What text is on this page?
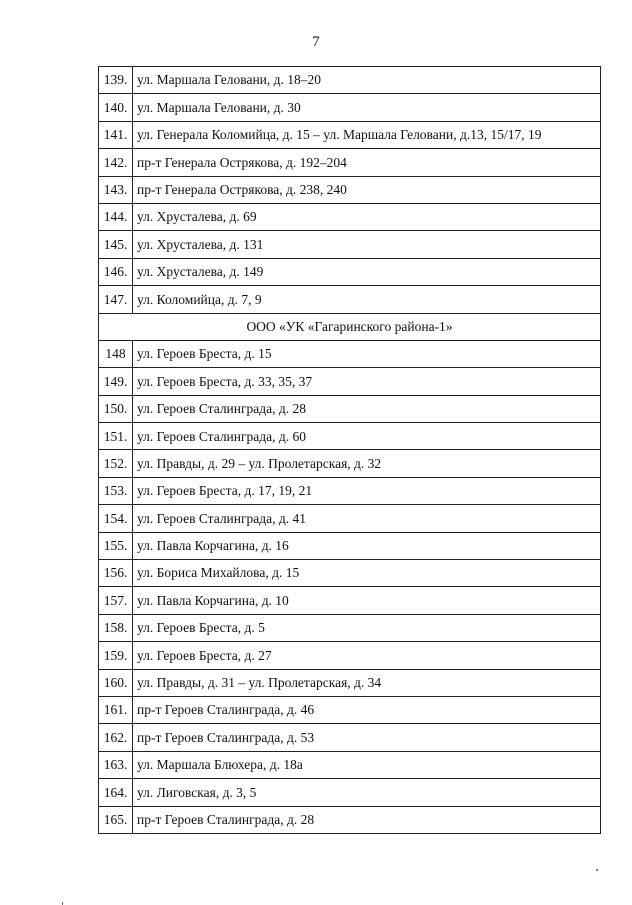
7
139.	ул. Маршала Геловани, д. 18–20
140.	ул. Маршала Геловани, д. 30
141.	ул. Генерала Коломийца, д. 15 – ул. Маршала Геловани, д.13, 15/17, 19
142.	пр-т Генерала Острякова, д. 192–204
143.	пр-т Генерала Острякова, д. 238, 240
144.	ул. Хрусталева, д. 69
145.	ул. Хрусталева, д. 131
146.	ул. Хрусталева, д. 149
147.	ул. Коломийца, д. 7, 9
ООО «УК «Гагаринского района-1»	
148	ул. Героев Бреста, д. 15
149.	ул. Героев Бреста, д. 33, 35, 37
150.	ул. Героев Сталинграда, д. 28
151.	ул. Героев Сталинграда, д. 60
152.	ул. Правды, д. 29 – ул. Пролетарская, д. 32
153.	ул. Героев Бреста, д. 17, 19, 21
154.	ул. Героев Сталинграда, д. 41
155.	ул. Павла Корчагина, д. 16
156.	ул. Бориса Михайлова, д. 15
157.	ул. Павла Корчагина, д. 10
158.	ул. Героев Бреста, д. 5
159.	ул. Героев Бреста, д. 27
160.	ул. Правды, д. 31 – ул. Пролетарская, д. 34
161.	пр-т Героев Сталинграда, д. 46
162.	пр-т Героев Сталинграда, д. 53
163.	ул. Маршала Блюхера, д. 18а
164.	ул. Лиговская, д. 3, 5
165.	пр-т Героев Сталинграда, д. 28
